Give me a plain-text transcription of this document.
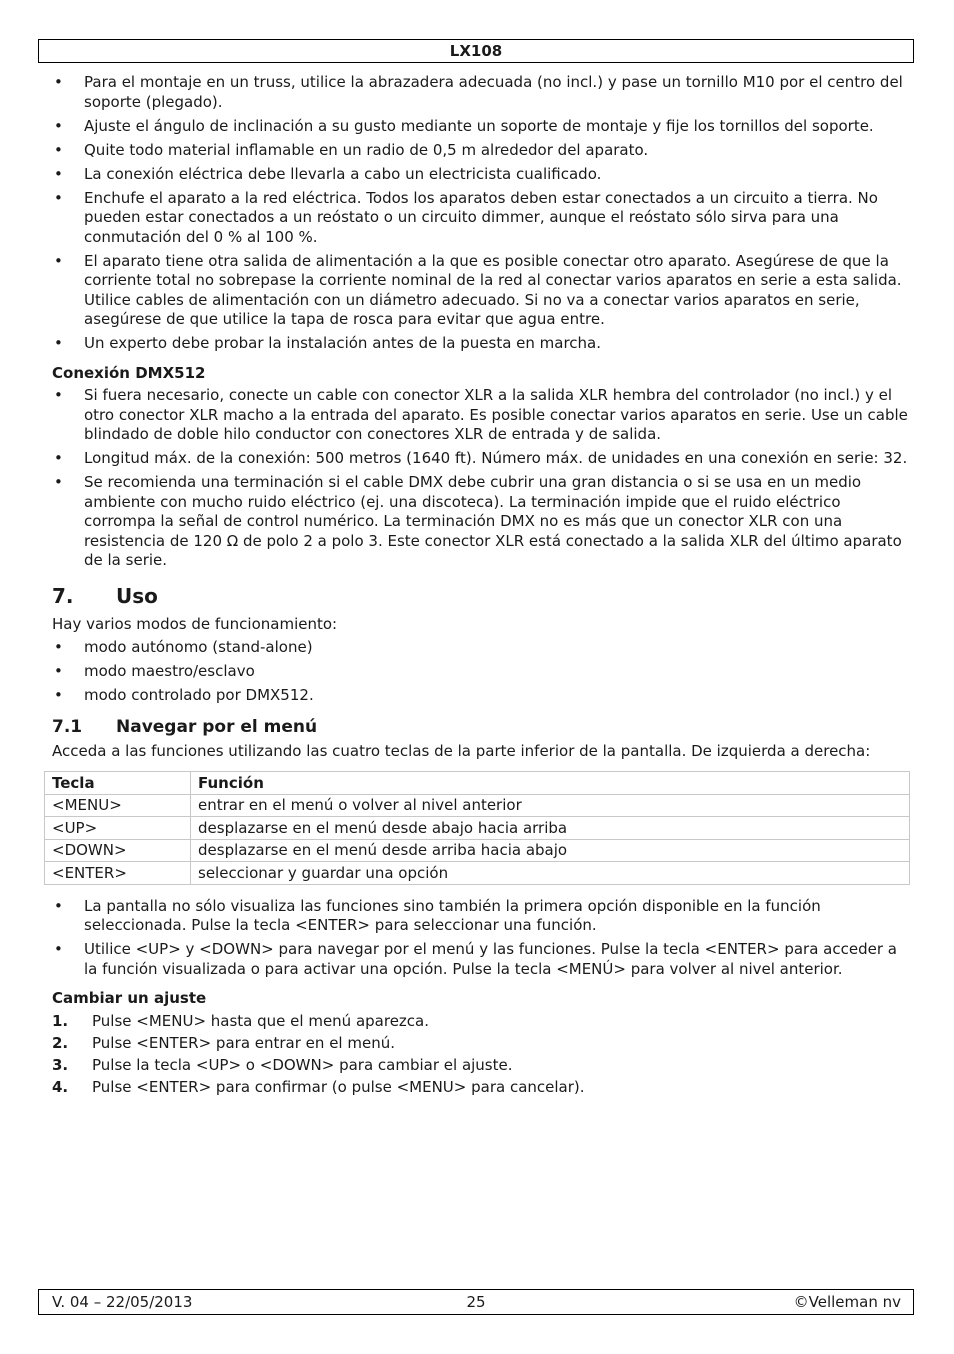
LX108
• Para el montaje en un truss, utilice la abrazadera adecuada (no incl.) y pase un tornillo M10 por el centro del soporte (plegado).
• Ajuste el ángulo de inclinación a su gusto mediante un soporte de montaje y fije los tornillos del soporte.
• Quite todo material inflamable en un radio de 0,5 m alrededor del aparato.
• La conexión eléctrica debe llevarla a cabo un electricista cualificado.
• Enchufe el aparato a la red eléctrica. Todos los aparatos deben estar conectados a un circuito a tierra. No pueden estar conectados a un reóstato o un circuito dimmer, aunque el reóstato sólo sirva para una conmutación del 0 % al 100 %.
• El aparato tiene otra salida de alimentación a la que es posible conectar otro aparato. Asegúrese de que la corriente total no sobrepase la corriente nominal de la red al conectar varios aparatos en serie a esta salida. Utilice cables de alimentación con un diámetro adecuado. Si no va a conectar varios aparatos en serie, asegúrese de que utilice la tapa de rosca para evitar que agua entre.
• Un experto debe probar la instalación antes de la puesta en marcha.
Conexión DMX512
• Si fuera necesario, conecte un cable con conector XLR a la salida XLR hembra del controlador (no incl.) y el otro conector XLR macho a la entrada del aparato. Es posible conectar varios aparatos en serie. Use un cable blindado de doble hilo conductor con conectores XLR de entrada y de salida.
• Longitud máx. de la conexión: 500 metros (1640 ft). Número máx. de unidades en una conexión en serie: 32.
• Se recomienda una terminación si el cable DMX debe cubrir una gran distancia o si se usa en un medio ambiente con mucho ruido eléctrico (ej. una discoteca). La terminación impide que el ruido eléctrico corrompa la señal de control numérico. La terminación DMX no es más que un conector XLR con una resistencia de 120 Ω de polo 2 a polo 3. Este conector XLR está conectado a la salida XLR del último aparato de la serie.
7. Uso

Hay varios modos de funcionamiento:

• modo autónomo (stand-alone)
• modo maestro/esclavo
• modo controlado por DMX512.
7.1 Navegar por el menú

Acceda a las funciones utilizando las cuatro teclas de la parte inferior de la pantalla. De izquierda a derecha:

Tecla	Función
<MENU>	entrar en el menú o volver al nivel anterior
<UP>	desplazarse en el menú desde abajo hacia arriba
<DOWN>	desplazarse en el menú desde arriba hacia abajo
<ENTER>	seleccionar y guardar una opción
• La pantalla no sólo visualiza las funciones sino también la primera opción disponible en la función seleccionada. Pulse la tecla <ENTER> para seleccionar una función.
• Utilice <UP> y <DOWN> para navegar por el menú y las funciones. Pulse la tecla <ENTER> para acceder a la función visualizada o para activar una opción. Pulse la tecla <MENÚ> para volver al nivel anterior.
Cambiar un ajuste
1. Pulse <MENU> hasta que el menú aparezca.
2. Pulse <ENTER> para entrar en el menú.
3. Pulse la tecla <UP> o <DOWN> para cambiar el ajuste.
4. Pulse <ENTER> para confirmar (o pulse <MENU> para cancelar).
V. 04 – 22/05/2013	25	©Velleman nv
